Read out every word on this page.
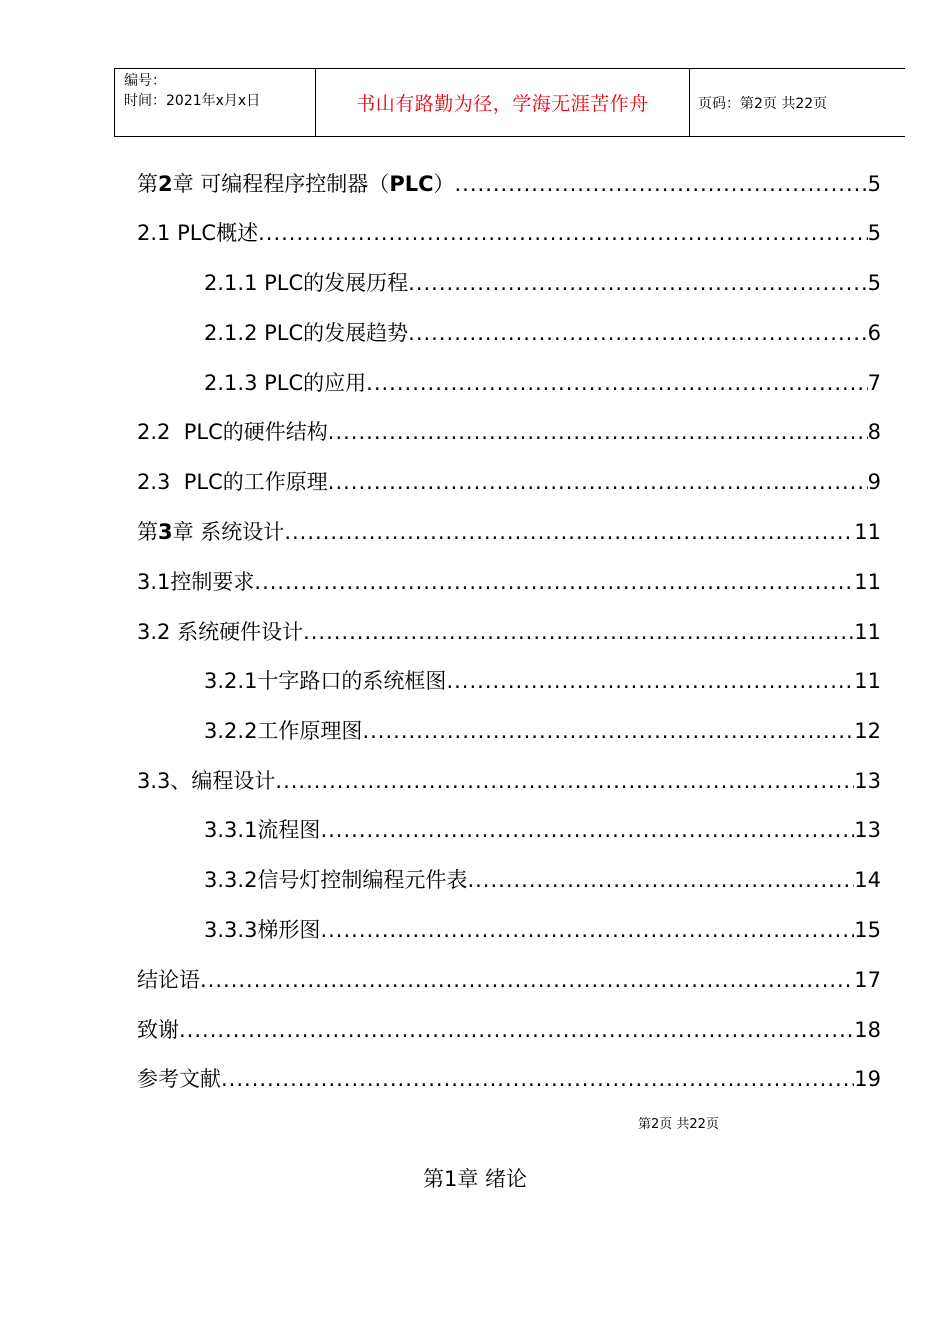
编号：
时间：2021年x月x日	书山有路勤为径，学海无涯苦作舟	页码：第2页 共22页
第2章 可编程程序控制器（PLC） .....	5
2.1 PLC概述 .....	5
2.1.1 PLC的发展历程 .....	5
2.1.2 PLC的发展趋势 .....	6
2.1.3 PLC的应用 .....	7
2.2  PLC的硬件结构 .....	8
2.3  PLC的工作原理 .....	9
第3章 系统设计 .....	11
3.1控制要求 .....	11
3.2 系统硬件设计 .....	11
3.2.1十字路口的系统框图 .....	11
3.2.2工作原理图 .....	12
3.3、编程设计 .....	13
3.3.1流程图 .....	13
3.3.2信号灯控制编程元件表 .....	14
3.3.3梯形图 .....	15
结论语 .....	17
致谢 .....	18
参考文献 .....	19
第2页 共22页
第1章 绪论
